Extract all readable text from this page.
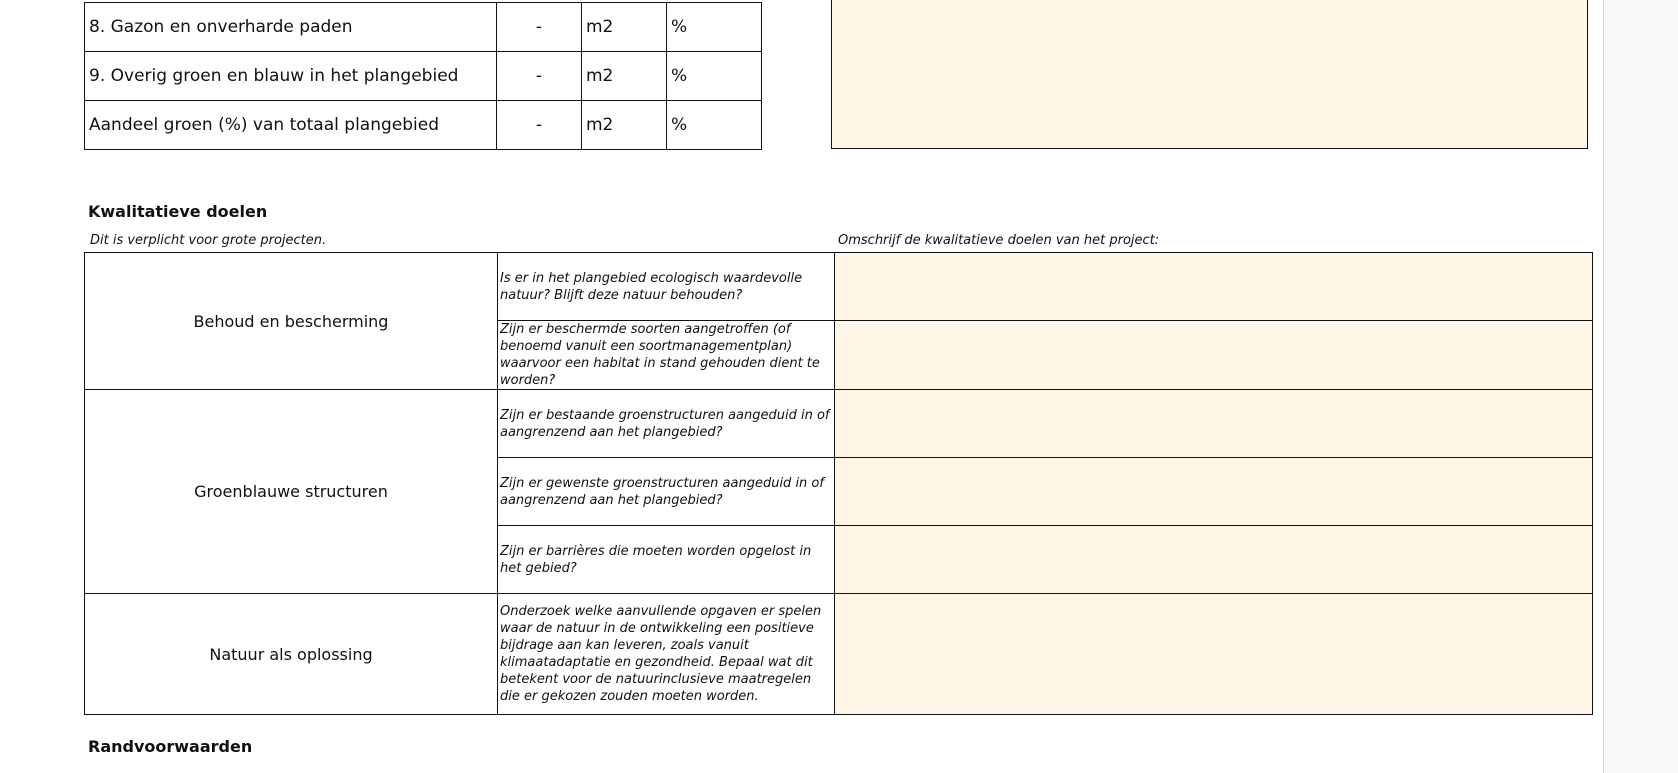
8. Gazon en onverharde paden	-	m2	%
9. Overig groen en blauw in het plangebied	-	m2	%
Aandeel groen (%) van totaal plangebied	-	m2	%
Kwalitatieve doelen
Dit is verplicht voor grote projecten.	Omschrijf de kwalitatieve doelen van het project:
Behoud en bescherming	Is er in het plangebied ecologisch waardevolle natuur? Blijft deze natuur behouden?	
	Zijn er beschermde soorten aangetroffen (of benoemd vanuit een soortmanagementplan) waarvoor een habitat in stand gehouden dient te worden?	
Groenblauwe structuren	Zijn er bestaande groenstructuren aangeduid in of aangrenzend aan het plangebied?	
	Zijn er gewenste groenstructuren aangeduid in of aangrenzend aan het plangebied?	
	Zijn er barrières die moeten worden opgelost in het gebied?	
Natuur als oplossing	Onderzoek welke aanvullende opgaven er spelen waar de natuur in de ontwikkeling een positieve bijdrage aan kan leveren, zoals vanuit klimaatadaptatie en gezondheid. Bepaal wat dit betekent voor de natuurinclusieve maatregelen die er gekozen zouden moeten worden.	
Randvoorwaarden
